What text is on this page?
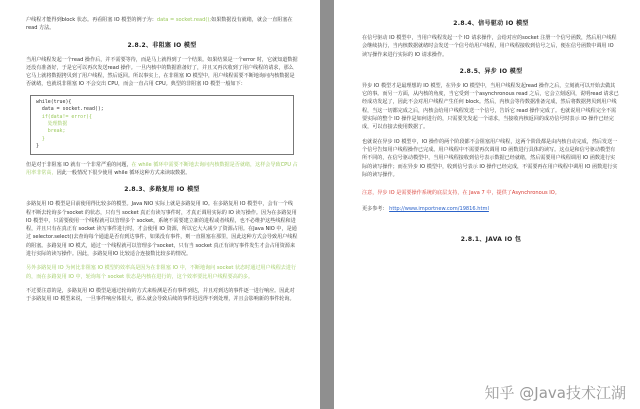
户线程才能得到block 状态。再看阻塞 IO 模型的例子为：data = socket.read();如果数据没有就绪，就会一直阻塞在read 方法。

2.8.2、非阻塞 IO 模型

当用户线程发起一个read 操作后，并不需要等待，而是马上就得到了一个结果。如果结果是一个error 时，它就知道数据还没有准备好，于是它可以再次发送read 操作。一旦内核中的数据准备好了，并且又再次收到了用户线程的请求，那么它马上就将数据拷贝到了用户线程，然后返回。所以事实上，在非阻塞 IO 模型中，用户线程需要不断地询问内核数据是否就绪，也就说非阻塞 IO 不会交出 CPU，而会一直占用 CPU。典型的非阻塞 IO 模型一般如下：

while(true){
data = socket.read();
if(data!= error){
处理数据
break;
}
}

但是对于非阻塞 IO 就有一个非常严重的问题，在 while 循环中需要不断地去询问内核数据是否就绪，这样会导致CPU 占用率非常高，因此一般情况下很少使用 while 循环这种方式来读取数据。

2.8.3、多路复用 IO 模型

多路复用 IO 模型是目前使用得比较多的模型。Java NIO 实际上就是多路复用 IO。在多路复用 IO 模型中，会有一个线程不断去轮询多个socket 的状态，只有当 socket 真正有读写事件时，才真正调用实际的 IO 读写操作。因为在多路复用 IO 模型中，只需要使用一个线程就可以管理多个 socket，系统不需要建立新的进程或者线程，也不必维护这些线程和进程，并且只有在真正有 socket 读写事件进行时，才会使用 IO 资源，所以它大大减少了资源占用。在Java NIO 中，是通过 selector.select()去查询每个通道是否有到达事件，如果没有事件，则一直阻塞在那里，因此这种方式会导致用户线程的阻塞。多路复用 IO 模式，通过一个线程就可以管理多个socket，只有当 socket 真正有读写事件发生才会占用资源来进行实际的读写操作。因此，多路复用IO 比较适合连接数比较多的情况。

另外多路复用 IO 为何比非阻塞 IO 模型的效率高是因为在非阻塞 IO 中，不断地询问 socket 状态时通过用户线程去进行的，而在多路复用 IO 中，轮询每个 socket 状态是内核在进行的，这个效率要比用户线程要高的多。

不过要注意的是，多路复用 IO 模型是通过轮询的方式来检测是否有事件到达，并且对到达的事件逐一进行响应。因此对于多路复用 IO 模型来说，一旦事件响应体很大，那么就会导致后续的事件迟迟得不到处理，并且会影响新的事件轮询。

2.8.4、信号驱动 IO 模型

在信号驱动 IO 模型中，当用户线程发起一个 IO 请求操作，会给对应的socket 注册一个信号函数，然后用户线程会继续执行，当内核数据就绪时会发送一个信号给用户线程，用户线程接收到信号之后，便在信号函数中调用 IO 读写操作来进行实际的 IO 请求操作。

2.8.5、异步 IO 模型

异步 IO 模型才是最理想的 IO 模型，在异步 IO 模型中，当用户线程发起read 操作之后，立刻就可以开始去做其它的事。而另一方面，从内核的角度，当它受到一个asynchronous read 之后，它会立刻返回，说明read 请求已经成功发起了，因此不会对用户线程产生任何 block。然后，内核会等待数据准备完成，然后将数据拷贝到用户线程，当这一切都完成之后，内核会给用户线程发送一个信号，告诉它 read 操作完成了。也就说用户线程完全不需要实际的整个 IO 操作是如何进行的，只需要先发起一个请求，当接收内核返回的成功信号时表示 IO 操作已经完成，可以直接去使用数据了。

也就说在异步 IO 模型中，IO 操作的两个阶段都不会阻塞用户线程，这两个阶段都是由内核自动完成，然后发送一个信号告知用户线程操作已完成。用户线程中不需要再次调用 IO 函数进行具体的读写。这点是和信号驱动模型有所不同的，在信号驱动模型中，当用户线程接收到信号表示数据已经就绪，然后需要用户线程调用 IO 函数进行实际的读写操作；而在异步 IO 模型中，收到信号表示 IO 操作已经完成，不需要再在用户线程中调用 IO 函数进行实际的读写操作。

注意，异步 IO 是需要操作系统的底层支持，在 Java 7 中，提供了Asynchronous IO。

更多参考： http://www.importnew.com/19816.html

2.8.1、JAVA IO 包
知乎 @Java技术江湖
